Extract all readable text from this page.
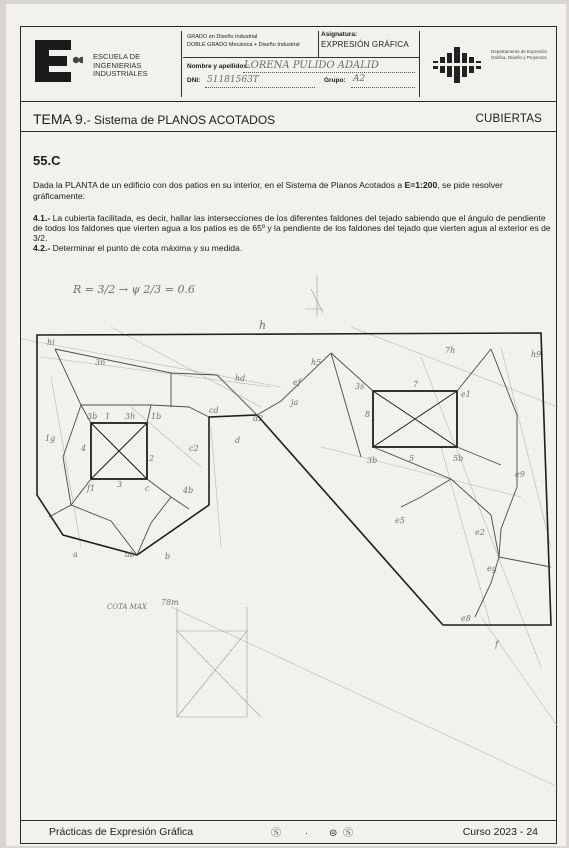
ESCUELA DE INGENIERIAS INDUSTRIALES
GRADO en Diseño Industrial
DOBLE GRADO Mecánica + Diseño Industrial
Asignatura:
EXPRESIÓN GRÁFICA
Nombre y apellidos:
LORENA PULIDO ADALID
DNI: 51181563T	Grupo: A2
Departamento de Expresión Gráfica, Diseño y Proyectos
TEMA 9.- Sistema de PLANOS ACOTADOS	CUBIERTAS
55.C
Dada la PLANTA de un edificio con dos patios en su interior, en el Sistema de Planos Acotados a E=1:200, se pide resolver gráficamente:
4.1.- La cubierta facilitada, es decir, hallar las intersecciones de los diferentes faldones del tejado sabiendo que el ángulo de pendiente de todos los faldones que vierten agua a los patios es de 65º y la pendiente de los faldones del tejado que vierten agua al exterior es de 3/2.
4.2.- Determinar el punto de cota máxima y su medida.
R = 3/2 → ψ 2/3 = 0.6
h
hi
3n
3b	1b
1g
3h
3
f1	c
ab
a	b
hd
cd
d
c2
ef
h5
h9
7h
e1
3s
5	5b
3b
e5
eg
e9
e8
f
7
8
4
1
2
ja
4b
d2
e2
COTA MAX 78m
Prácticas de Expresión Gráfica	Ⓢ · ⊜ Ⓢ	Curso 2023 - 24
